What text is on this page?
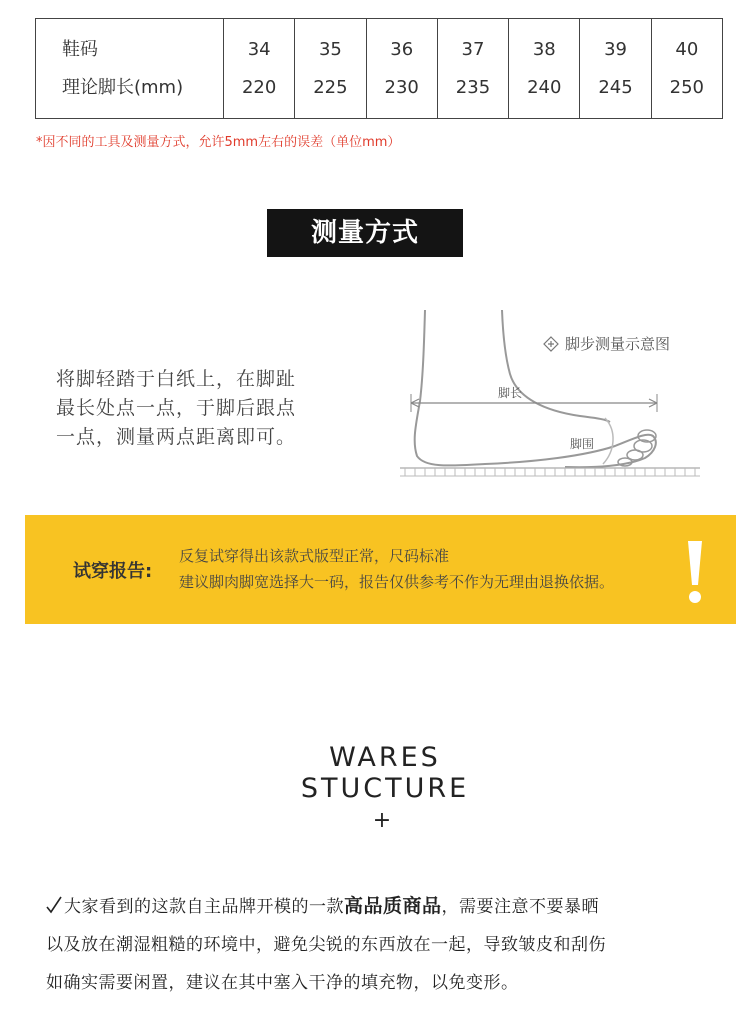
鞋码
理论脚长(mm)
34
220
35
225
36
230
37
235
38
240
39
245
40
250
*因不同的工具及测量方式，允许5mm左右的误差（单位mm）
测量方式
将脚轻踏于白纸上，在脚趾
最长处点一点，于脚后跟点
一点，测量两点距离即可。
脚步测量示意图
脚长
脚围
试穿报告:
反复试穿得出该款式版型正常，尺码标准
建议脚肉脚宽选择大一码，报告仅供参考不作为无理由退换依据。
WARES
STUCTURE
+
大家看到的这款自主品牌开模的一款高品质商品，需要注意不要暴晒
以及放在潮湿粗糙的环境中，避免尖锐的东西放在一起，导致皱皮和刮伤
如确实需要闲置，建议在其中塞入干净的填充物，以免变形。
